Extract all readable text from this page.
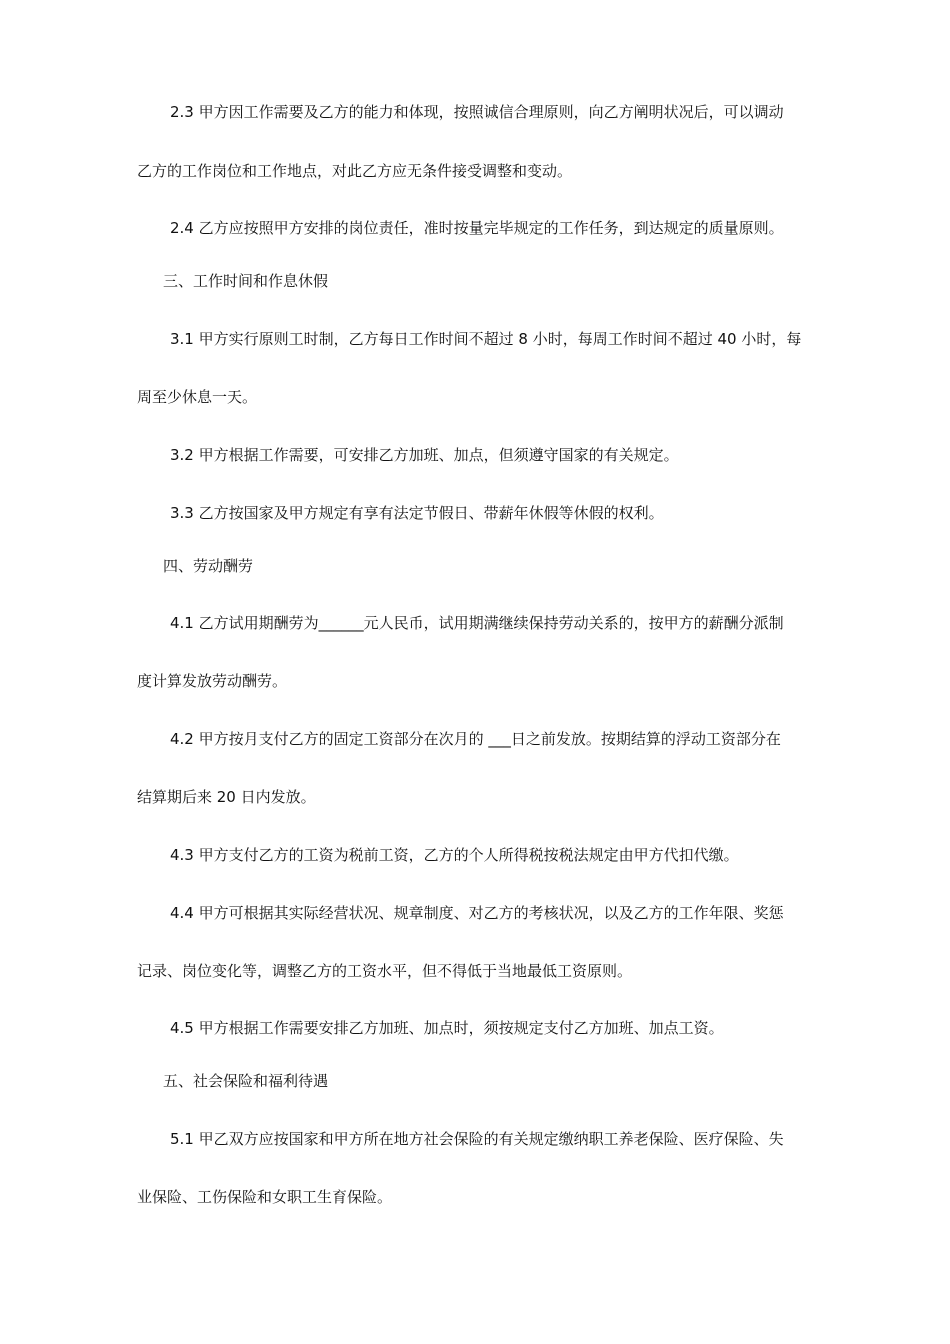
2.3 甲方因工作需要及乙方的能力和体现，按照诚信合理原则，向乙方阐明状况后，可以调动
乙方的工作岗位和工作地点，对此乙方应无条件接受调整和变动。
2.4 乙方应按照甲方安排的岗位责任，准时按量完毕规定的工作任务，到达规定的质量原则。
三、工作时间和作息休假
3.1 甲方实行原则工时制，乙方每日工作时间不超过 8 小时，每周工作时间不超过 40 小时，每
周至少休息一天。
3.2 甲方根据工作需要，可安排乙方加班、加点，但须遵守国家的有关规定。
3.3 乙方按国家及甲方规定有享有法定节假日、带薪年休假等休假的权利。
四、劳动酬劳
4.1 乙方试用期酬劳为______元人民币，试用期满继续保持劳动关系的，按甲方的薪酬分派制
度计算发放劳动酬劳。
4.2 甲方按月支付乙方的固定工资部分在次月的 ___日之前发放。按期结算的浮动工资部分在
结算期后来 20 日内发放。
4.3 甲方支付乙方的工资为税前工资，乙方的个人所得税按税法规定由甲方代扣代缴。
4.4 甲方可根据其实际经营状况、规章制度、对乙方的考核状况，以及乙方的工作年限、奖惩
记录、岗位变化等，调整乙方的工资水平，但不得低于当地最低工资原则。
4.5 甲方根据工作需要安排乙方加班、加点时，须按规定支付乙方加班、加点工资。
五、社会保险和福利待遇
5.1 甲乙双方应按国家和甲方所在地方社会保险的有关规定缴纳职工养老保险、医疗保险、失
业保险、工伤保险和女职工生育保险。
